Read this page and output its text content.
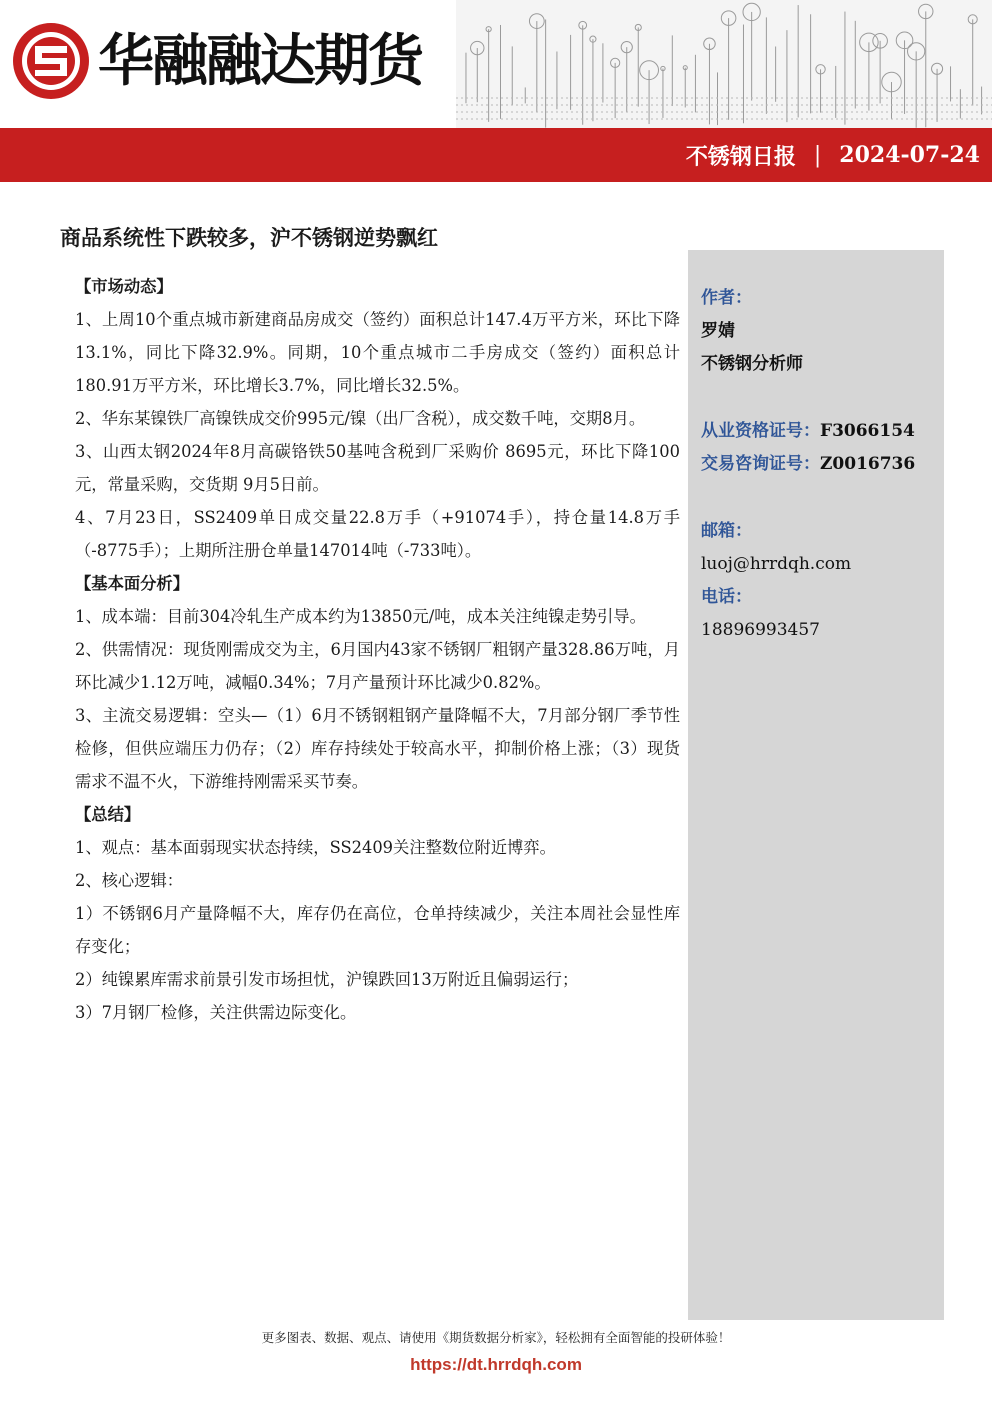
华融融达期货
不锈钢日报 | 2024-07-24
商品系统性下跌较多，沪不锈钢逆势飘红

【市场动态】

1、上周10个重点城市新建商品房成交（签约）面积总计147.4万平方米，环比下降13.1%，同比下降32.9%。同期，10个重点城市二手房成交（签约）面积总计180.91万平方米，环比增长3.7%，同比增长32.5%。

2、华东某镍铁厂高镍铁成交价995元/镍（出厂含税），成交数千吨，交期8月。

3、山西太钢2024年8月高碳铬铁50基吨含税到厂采购价 8695元，环比下降100元，常量采购，交货期 9月5日前。

4、7月23日，SS2409单日成交量22.8万手（+91074手），持仓量14.8万手（-8775手）；上期所注册仓单量147014吨（-733吨）。

【基本面分析】

1、成本端：目前304冷轧生产成本约为13850元/吨，成本关注纯镍走势引导。

2、供需情况：现货刚需成交为主，6月国内43家不锈钢厂粗钢产量328.86万吨，月环比减少1.12万吨，减幅0.34%；7月产量预计环比减少0.82%。

3、主流交易逻辑：空头—（1）6月不锈钢粗钢产量降幅不大，7月部分钢厂季节性检修，但供应端压力仍存；（2）库存持续处于较高水平，抑制价格上涨；（3）现货需求不温不火，下游维持刚需采买节奏。

【总结】

1、观点：基本面弱现实状态持续，SS2409关注整数位附近博弈。

2、核心逻辑：

1）不锈钢6月产量降幅不大，库存仍在高位，仓单持续减少，关注本周社会显性库存变化；

2）纯镍累库需求前景引发市场担忧，沪镍跌回13万附近且偏弱运行；

3）7月钢厂检修，关注供需边际变化。

作者：
罗婧
不锈钢分析师
从业资格证号：F3066154
交易咨询证号：Z0016736
邮箱：
luoj@hrrdqh.com
电话：
18896993457
更多图表、数据、观点、请使用《期货数据分析家》，轻松拥有全面智能的投研体验！
https://dt.hrrdqh.com
